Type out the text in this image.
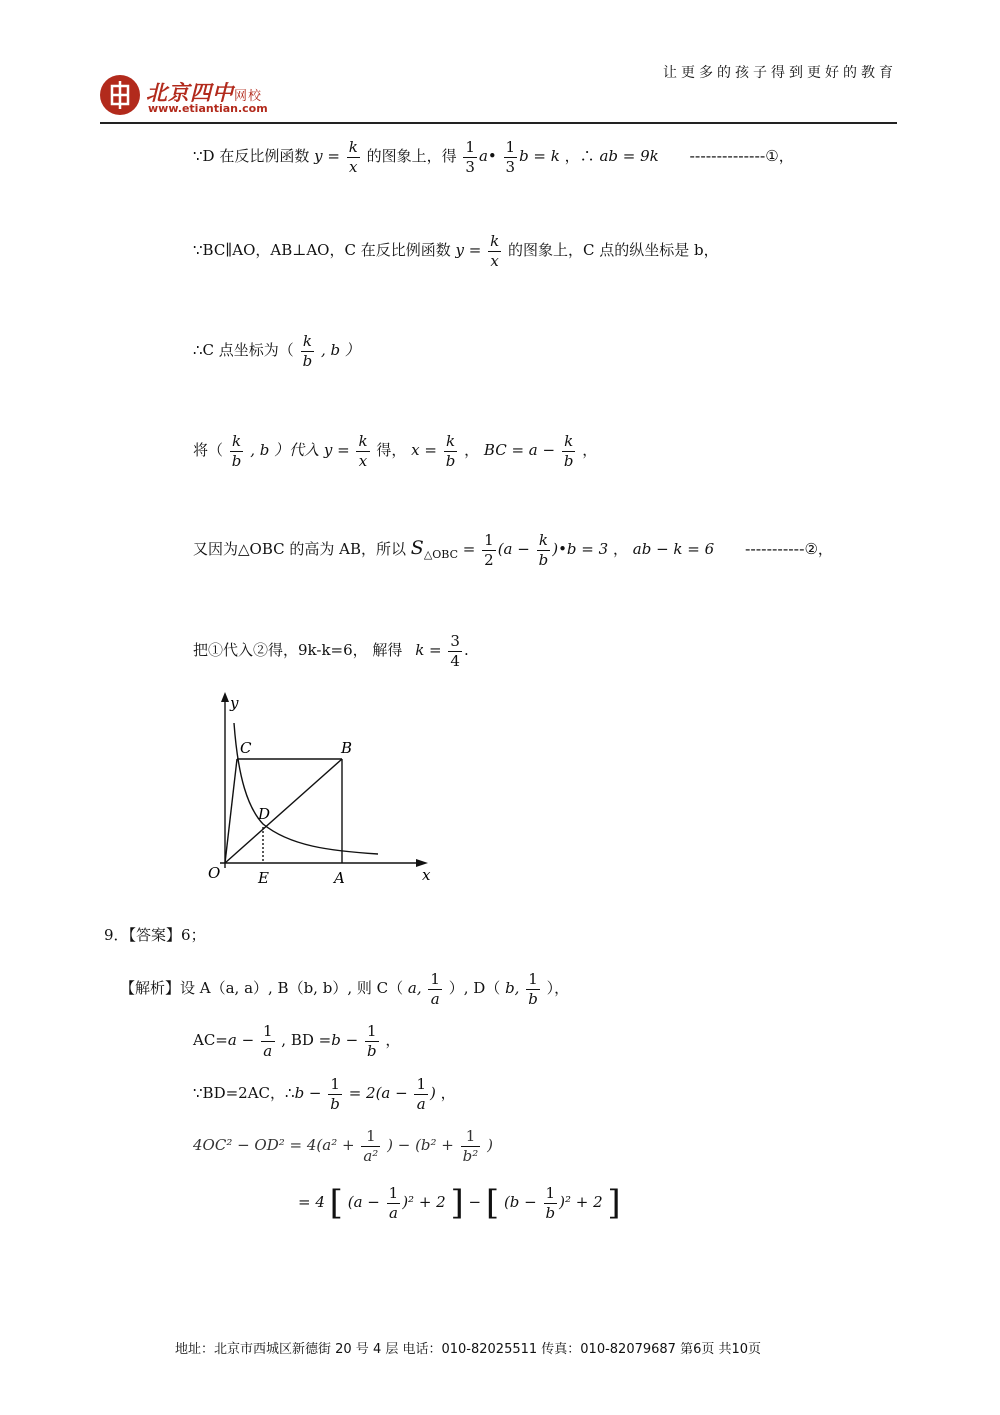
北京四中网校
www.etiantian.com
让更多的孩子得到更好的教育
∵D 在反比例函数 $y = \frac{k}{x}$ 的图象上，得 $\frac{1}{3}$ a• $\frac{1}{3}$ b = k ，∴ ab = 9k --------------①，
∵BC∥AO，AB⊥AO，C 在反比例函数 $y = \frac{k}{x}$ 的图象上，C 点的纵坐标是 b，
∴C 点坐标为（ $\frac{k}{b}$ , b ）
将（ $\frac{k}{b}$ , b ）代入 $y = \frac{k}{x}$ 得， $x = \frac{k}{b}$ ， BC = $a - \frac{k}{b}$ ，
又因为△OBC 的高为 AB，所以 $S_{\triangle OBC} = \frac{1}{2} (a - \frac{k}{b}$ )•b = 3 ， ab − k = 6 -----------②，
把①代入②得，9k-k=6， 解得 $k = \frac{3}{4}$ .
y
x
O	E	A
C	B
D
9．【答案】6；
【解析】设 A（a, a）, B（b, b）, 则 C（ a, $\frac{1}{a}$ ）, D（ b, $\frac{1}{b}$ ），
$AC=a - \frac{1}{a}$ , BD $=b - \frac{1}{b}$ ，
∵BD=2AC，∴b − $\frac{1}{b} = 2(a - \frac{1}{a}$ ) ，
$4OC^2 - OD^2 = 4(a^2 + \frac{1}{\text{a²}}$ ) − ($b^2 + \frac{1}{\text{b²}}$ )
= 4 [ $(a - \frac{1}{a} )^2 + 2$ ] − [ $(b - \frac{1}{b} )^2 + 2$ ]
地址：北京市西城区新德街 20 号 4 层 电话：010-82025511 传真：010-82079687 第6页 共10页
